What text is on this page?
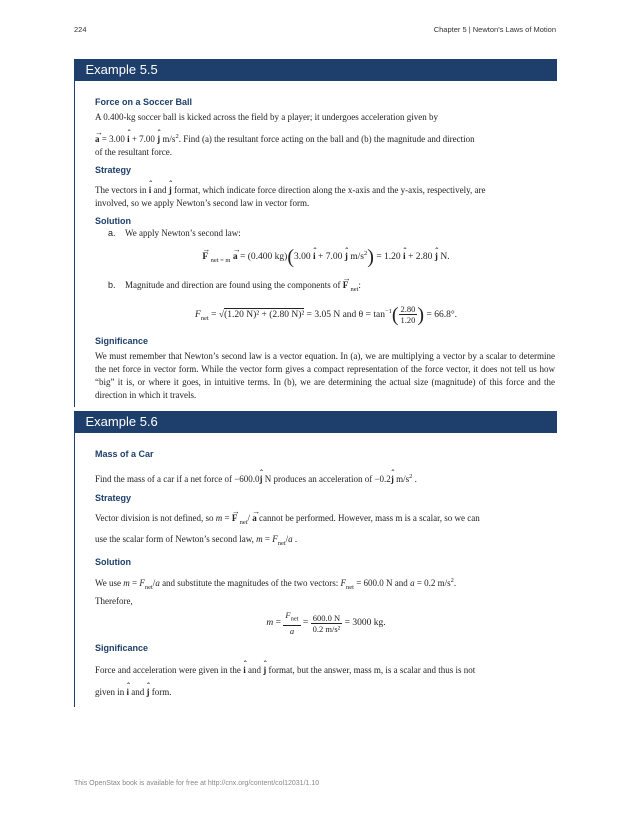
224	Chapter 5 | Newton’s Laws of Motion
Example 5.5
Force on a Soccer Ball

A 0.400-kg soccer ball is kicked across the field by a player; it undergoes acceleration given by

→ a = 3.00 ˆ i + 7.00 ˆ j $m/s^2$. Find (a) the resultant force acting on the ball and (b) the magnitude and direction

of the resultant force.

Strategy

The vectors in ˆ i and ˆ j format, which indicate force direction along the x-axis and the y-axis, respectively, are

involved, so we apply Newton’s second law in vector form.

Solution
a. We apply Newton’s second law:
→ F $_{net = m}$ → a = (0.400 kg)(3.00 ˆ i + 7.00 ˆ j $m/s^2) = 1.20$ ˆ i + 2.80 ˆ j N.
b. Magnitude and direction are found using the components of → F $_{net}$:
$F_{net} = √(1.20$ N)² + (2.80 N)² = 3.05 N and $\theta = \tan^{-1}( \frac{2.80}{1.20}$ ) = 66.8°.
Significance

We must remember that Newton’s second law is a vector equation. In (a), we are multiplying a vector by a scalar to determine the net force in vector form. While the vector form gives a compact representation of the force vector, it does not tell us how “big” it is, or where it goes, in intuitive terms. In (b), we are determining the actual size (magnitude) of this force and the direction in which it travels.

Example 5.6
Mass of a Car

Find the mass of a car if a net force of −600.0ˆ j N produces an acceleration of −0.2ˆ j $m/s^2$ .

Strategy

Vector division is not defined, so m = → F $_{net}$/ → a cannot be performed. However, mass m is a scalar, so we can

use the scalar form of Newton’s second law, $m = F_{net}/a$ .

Solution

We use $m = F_{net}/a$ and substitute the magnitudes of the two vectors: $F_{net} = 600.0$ N and a = 0.2 $m/s^2$.

Therefore,

$m = \frac{F_{net}}{a} = \frac{600.0 N}{\text{0.2 m/s²}} = 3000$ kg.
Significance

Force and acceleration were given in the ˆ i and ˆ j format, but the answer, mass m, is a scalar and thus is not

given in ˆ i and ˆ j form.

This OpenStax book is available for free at http://cnx.org/content/col12031/1.10
